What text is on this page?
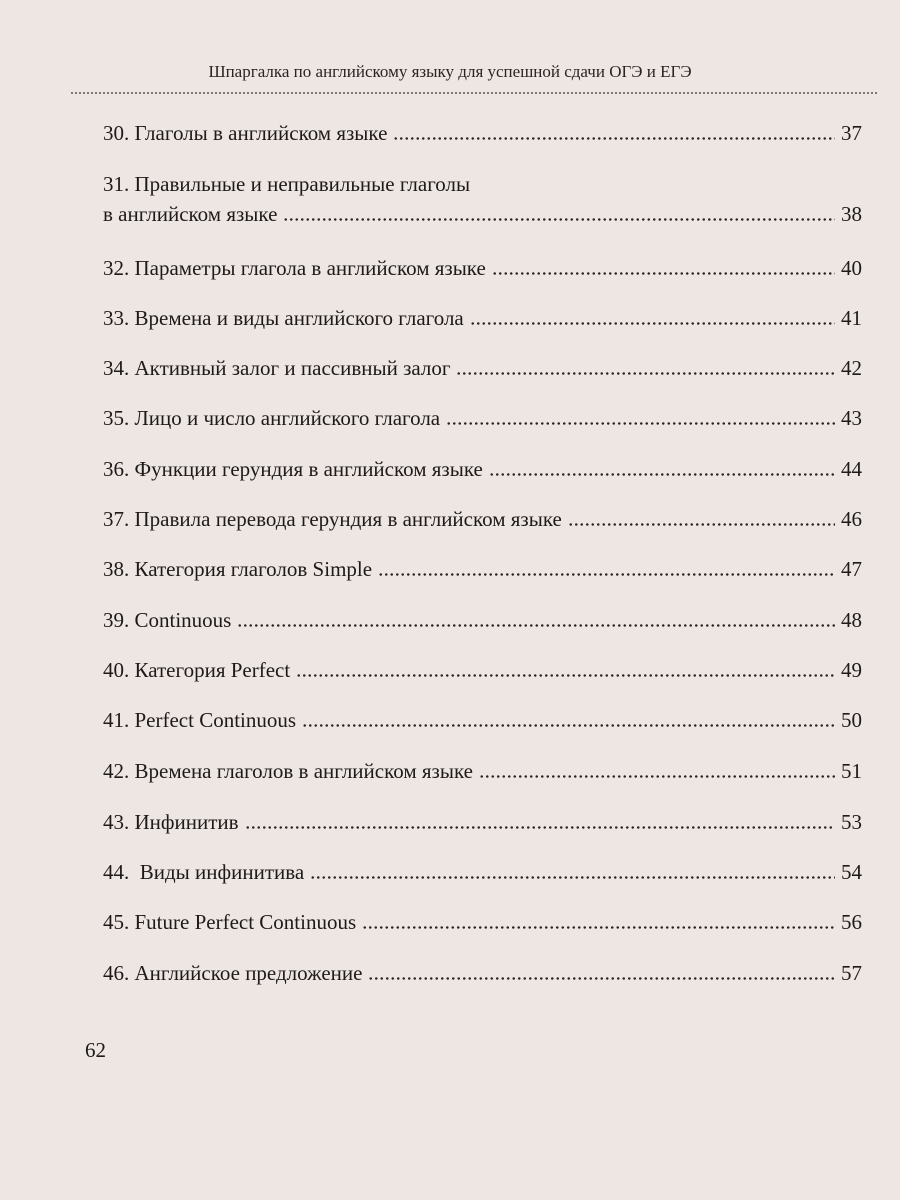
Шпаргалка по английскому языку для успешной сдачи ОГЭ и ЕГЭ
30. Глаголы в английском языке	37
31. Правильные и неправильные глаголы
в английском языке	38
32. Параметры глагола в английском языке	40
33. Времена и виды английского глагола	41
34. Активный залог и пассивный залог	42
35. Лицо и число английского глагола	43
36. Функции герундия в английском языке	44
37. Правила перевода герундия в английском языке	46
38. Категория глаголов Simple	47
39. Continuous	48
40. Категория Perfect	49
41. Perfect Continuous	50
42. Времена глаголов в английском языке	51
43. Инфинитив	53
44.  Виды инфинитива	54
45. Future Perfect Continuous	56
46. Английское предложение	57
62
